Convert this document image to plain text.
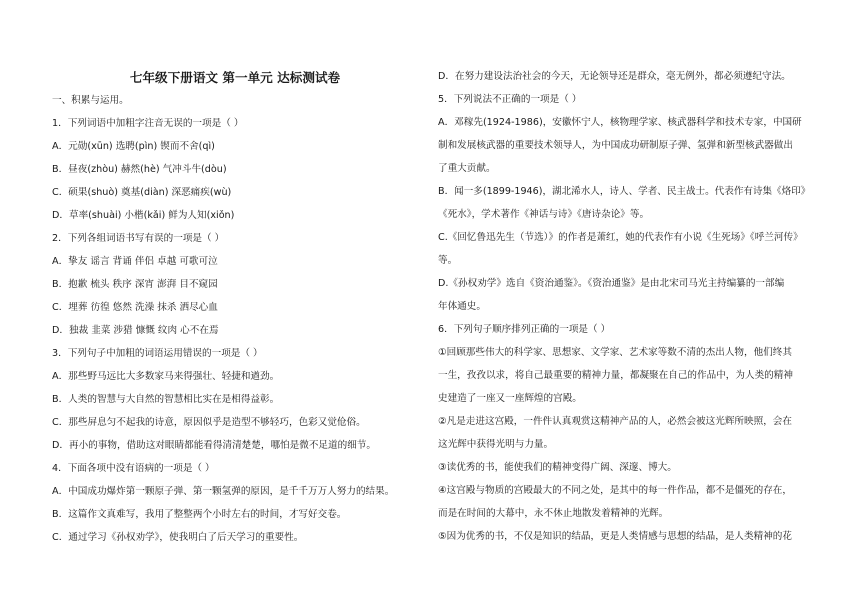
七年级下册语文 第一单元 达标测试卷
一、积累与运用。
1．下列词语中加粗字注音无误的一项是（ ）
A．元勋(xūn) 选聘(pìn) 锲而不舍(qì)
B．昼夜(zhòu) 赫然(hè) 气冲斗牛(dòu)
C．硕果(shuò) 奠基(diàn) 深恶痛疾(wù)
D．草率(shuài) 小楷(kǎi) 鲜为人知(xiǒn)
2．下列各组词语书写有误的一项是（ ）
A．挚友 谣言 背诵 伴侣 卓越 可歌可泣
B．抱歉 梳头 秩序 深宵 澎湃 目不窥园
C．埋葬 彷徨 悠然 洗澡 抹杀 洒尽心血
D．独裁 韭菜 涉猎 慷慨 纹肉 心不在焉
3．下列句子中加粗的词语运用错误的一项是（ ）
A．那些野马远比大多数家马来得强壮、轻捷和遒劲。
B．人类的智慧与大自然的智慧相比实在是相得益彰。
C．那些屏息匀不起我的诗意，原因似乎是造型不够轻巧，色彩又觉伧俗。
D．再小的事物，借助这对眼睛都能看得清清楚楚，哪怕是微不足道的细节。
4．下面各项中没有语病的一项是（ ）
A．中国成功爆炸第一颗原子弹、第一颗氢弹的原因，是千千万万人努力的结果。
B．这篇作文真难写，我用了整整两个小时左右的时间，才写好交卷。
C．通过学习《孙权劝学》，使我明白了后天学习的重要性。
D．在努力建设法治社会的今天，无论领导还是群众，毫无例外，都必须遵纪守法。
5．下列说法不正确的一项是（ ）
A．邓稼先(1924-1986)，安徽怀宁人，核物理学家、核武器科学和技术专家，中国研
制和发展核武器的重要技术领导人，为中国成功研制原子弹、氢弹和新型核武器做出
了重大贡献。
B．闻一多(1899-1946)，湖北浠水人，诗人、学者、民主战士。代表作有诗集《烙印》
《死水》，学术著作《神话与诗》《唐诗杂论》等。
C.《回忆鲁迅先生（节选）》的作者是萧红，她的代表作有小说《生死场》《呼兰河传》
等。
D.《孙权劝学》选自《资治通鉴》。《资治通鉴》是由北宋司马光主持编纂的一部编
年体通史。
6．下列句子顺序排列正确的一项是（ ）
①回顾那些伟大的科学家、思想家、文学家、艺术家等数不清的杰出人物，他们终其
一生，孜孜以求，将自己最重要的精神力量，都凝聚在自己的作品中，为人类的精神
史建造了一座又一座辉煌的宫殿。
②凡是走进这宫殿，一件件认真观赏这精神产品的人，必然会被这光辉所映照，会在
这光辉中获得光明与力量。
③读优秀的书，能使我们的精神变得广阔、深邃、博大。
④这宫殿与物质的宫殿最大的不同之处，是其中的每一件作品，都不是僵死的存在，
而是在时间的大幕中，永不休止地散发着精神的光辉。
⑤因为优秀的书，不仅是知识的结晶，更是人类情感与思想的结晶，是人类精神的花
